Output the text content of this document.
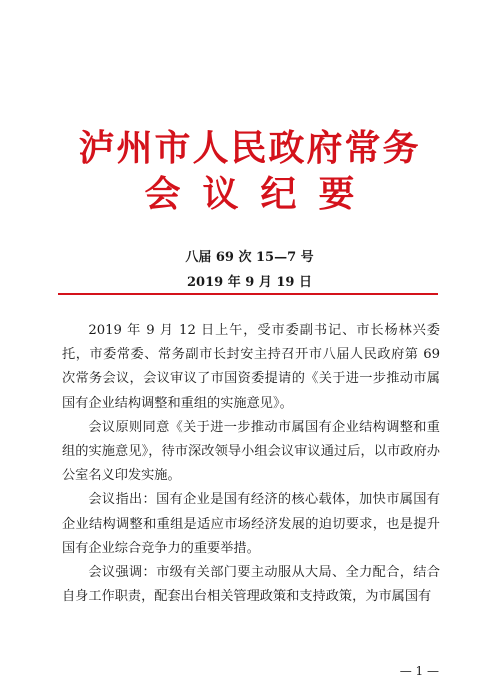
泸州市人民政府常务
会议纪要
八届 69 次 15—7 号
2019 年 9 月 19 日

2019 年 9 月 12 日上午，受市委副书记、市长杨林兴委托，市委常委、常务副市长封安主持召开市八届人民政府第 69 次常务会议，会议审议了市国资委提请的《关于进一步推动市属国有企业结构调整和重组的实施意见》。

会议原则同意《关于进一步推动市属国有企业结构调整和重组的实施意见》，待市深改领导小组会议审议通过后，以市政府办公室名义印发实施。

会议指出：国有企业是国有经济的核心载体，加快市属国有企业结构调整和重组是适应市场经济发展的迫切要求，也是提升国有企业综合竞争力的重要举措。

会议强调：市级有关部门要主动服从大局、全力配合，结合自身工作职责，配套出台相关管理政策和支持政策，为市属国有

— 1 —
